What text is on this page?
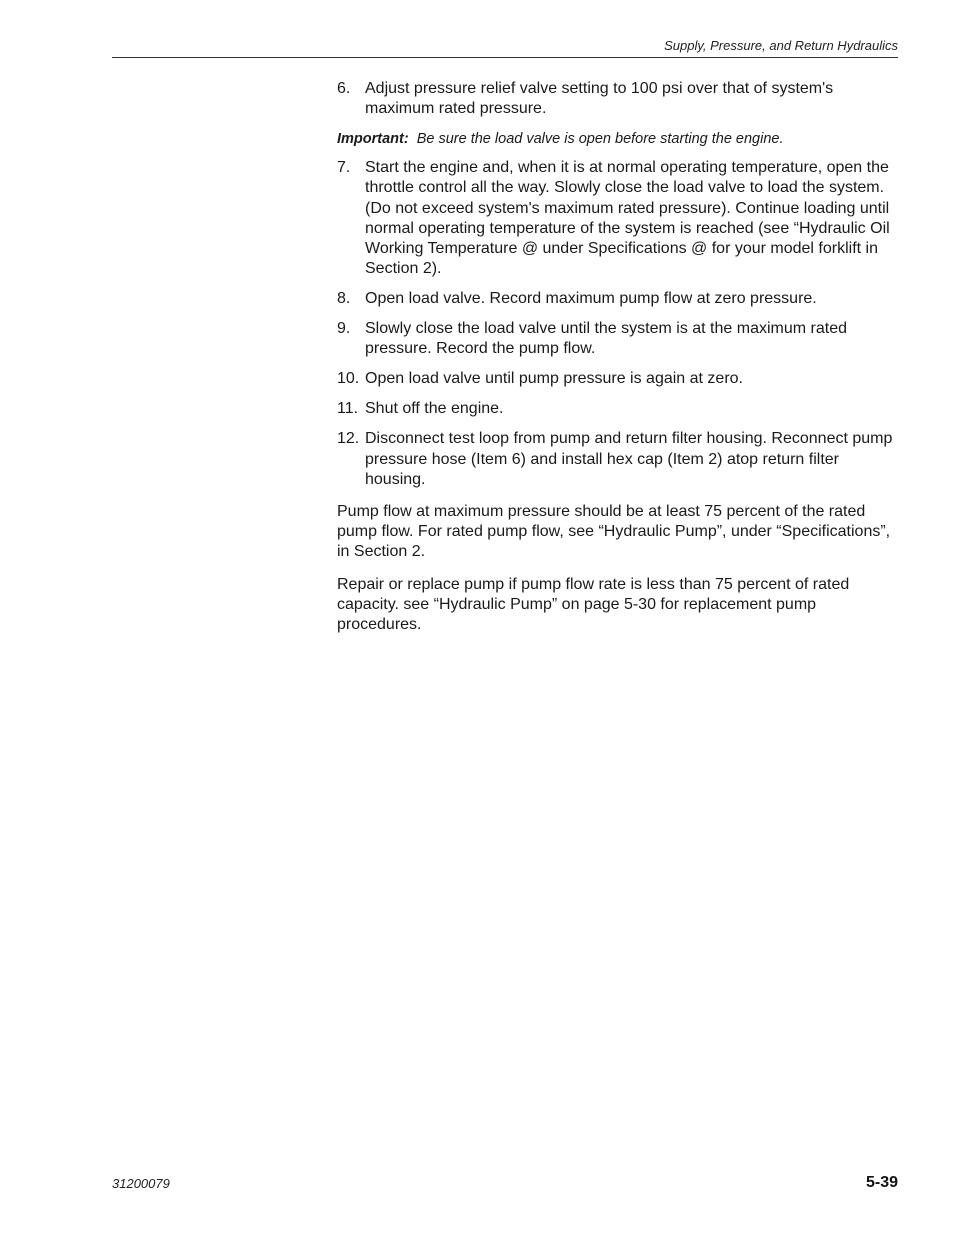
Supply, Pressure, and Return Hydraulics
6. Adjust pressure relief valve setting to 100 psi over that of system's maximum rated pressure.
Important: Be sure the load valve is open before starting the engine.
7. Start the engine and, when it is at normal operating temperature, open the throttle control all the way. Slowly close the load valve to load the system. (Do not exceed system's maximum rated pressure). Continue loading until normal operating temperature of the system is reached (see “Hydraulic Oil Working Temperature @ under Specifications @ for your model forklift in Section 2).
8. Open load valve. Record maximum pump flow at zero pressure.
9. Slowly close the load valve until the system is at the maximum rated pressure. Record the pump flow.
10. Open load valve until pump pressure is again at zero.
11. Shut off the engine.
12. Disconnect test loop from pump and return filter housing. Reconnect pump pressure hose (Item 6) and install hex cap (Item 2) atop return filter housing.

Pump flow at maximum pressure should be at least 75 percent of the rated pump flow. For rated pump flow, see “Hydraulic Pump”, under “Specifications”, in Section 2.

Repair or replace pump if pump flow rate is less than 75 percent of rated capacity. see “Hydraulic Pump” on page 5-30 for replacement pump procedures.

31200079	5-39
